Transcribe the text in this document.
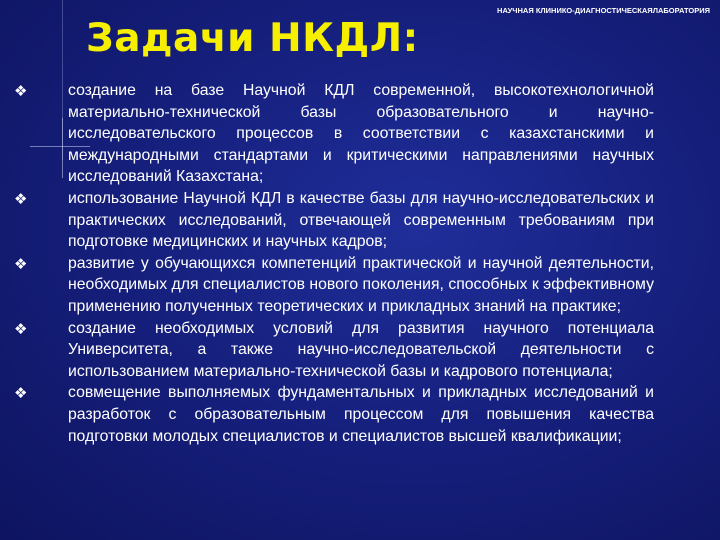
НАУЧНАЯ КЛИНИКО-ДИАГНОСТИЧЕСКАЯЛАБОРАТОРИЯ
Задачи НКДЛ:
❖	создание на базе Научной КДЛ современной, высокотехнологичной материально-технической базы образовательного и научно-исследовательского процессов в соответствии с казахстанскими и международными стандартами и критическими направлениями научных исследований Казахстана;
❖	использование Научной КДЛ в качестве базы для научно-исследовательских и практических исследований, отвечающей современным требованиям при подготовке медицинских и научных кадров;
❖	развитие у обучающихся компетенций практической и научной деятельности, необходимых для специалистов нового поколения, способных к эффективному применению полученных теоретических и прикладных знаний на практике;
❖	создание необходимых условий для развития научного потенциала Университета, а также научно-исследовательской деятельности с использованием материально-технической базы и кадрового потенциала;
❖	совмещение выполняемых фундаментальных и прикладных исследований и разработок с образовательным процессом для повышения качества подготовки молодых специалистов и специалистов высшей квалификации;
